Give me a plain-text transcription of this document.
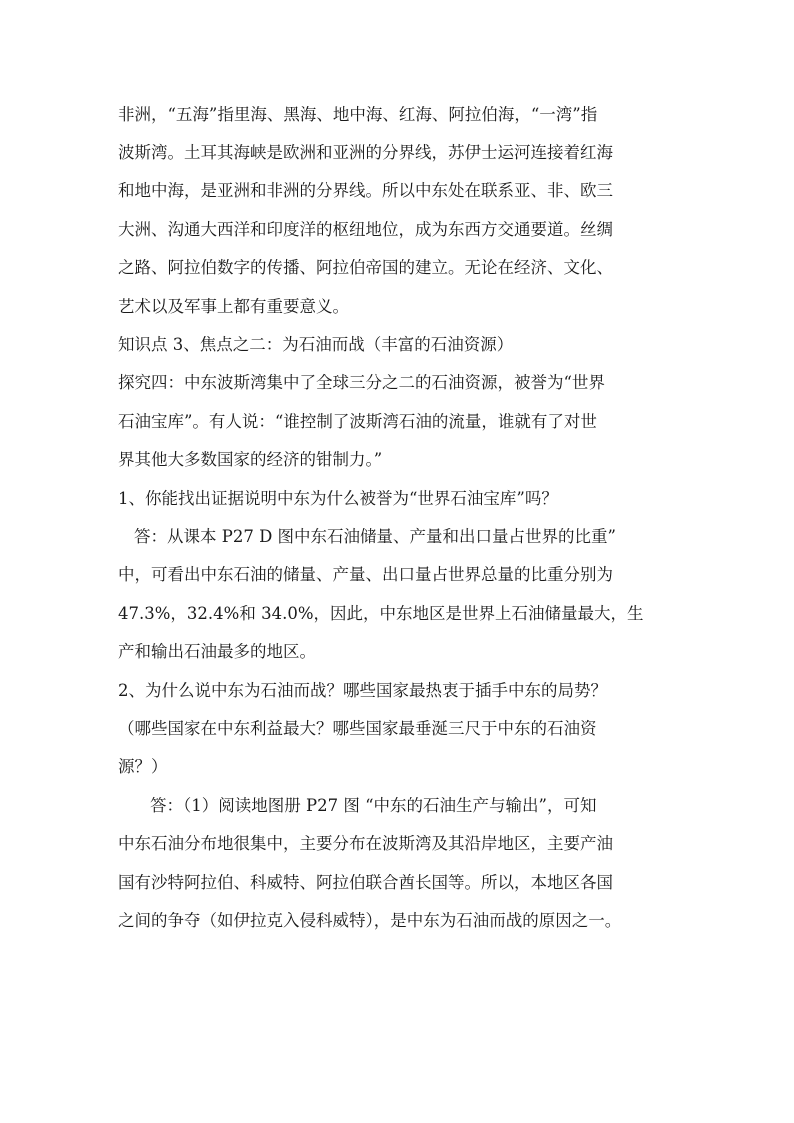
非洲，“五海”指里海、黑海、地中海、红海、阿拉伯海，“一湾”指
波斯湾。土耳其海峡是欧洲和亚洲的分界线，苏伊士运河连接着红海
和地中海，是亚洲和非洲的分界线。所以中东处在联系亚、非、欧三
大洲、沟通大西洋和印度洋的枢纽地位，成为东西方交通要道。丝绸
之路、阿拉伯数字的传播、阿拉伯帝国的建立。无论在经济、文化、
艺术以及军事上都有重要意义。
知识点 3、焦点之二：为石油而战（丰富的石油资源）
探究四：中东波斯湾集中了全球三分之二的石油资源，被誉为“世界
石油宝库”。有人说：“谁控制了波斯湾石油的流量，谁就有了对世
界其他大多数国家的经济的钳制力。”
1、你能找出证据说明中东为什么被誉为“世界石油宝库”吗？
答：从课本 P27 D 图中东石油储量、产量和出口量占世界的比重”
中，可看出中东石油的储量、产量、出口量占世界总量的比重分别为
47.3%，32.4%和 34.0%，因此，中东地区是世界上石油储量最大，生
产和输出石油最多的地区。
2、为什么说中东为石油而战？哪些国家最热衷于插手中东的局势？
（哪些国家在中东利益最大？哪些国家最垂涎三尺于中东的石油资
源？）
答：（1）阅读地图册 P27 图 “中东的石油生产与输出”，可知
中东石油分布地很集中，主要分布在波斯湾及其沿岸地区，主要产油
国有沙特阿拉伯、科威特、阿拉伯联合酋长国等。所以，本地区各国
之间的争夺（如伊拉克入侵科威特），是中东为石油而战的原因之一。
